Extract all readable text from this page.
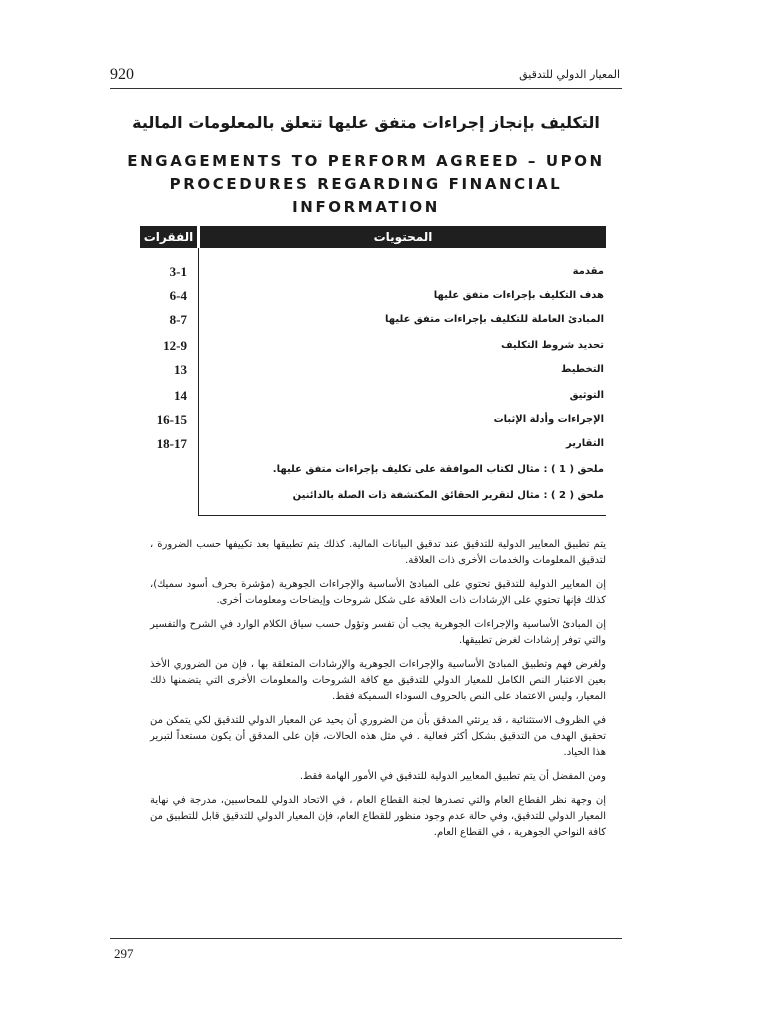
920	المعيار الدولي للتدقيق
التكليف بإنجاز إجراءات متفق عليها تتعلق بالمعلومات المالية
ENGAGEMENTS TO PERFORM AGREED – UPON
PROCEDURES REGARDING FINANCIAL INFORMATION
المحتويات
الفقرات
مقدمة
3-1
هدف التكليف بإجراءات متفق عليها
6-4
المبادئ العاملة للتكليف بإجراءات متفق عليها
8-7
تحديد شروط التكليف
12-9
التخطيط
13
التوثيق
14
الإجراءات وأدلة الإثبات
16-15
التقارير
18-17
ملحق ( 1 ) : مثال لكتاب الموافقة على تكليف بإجراءات متفق عليها.
ملحق ( 2 ) : مثال لتقرير الحقائق المكتشفة ذات الصلة بالدائنين

يتم تطبيق المعايير الدولية للتدقيق عند تدقيق البيانات المالية. كذلك يتم تطبيقها بعد تكييفها حسب الضرورة ، لتدقيق المعلومات والخدمات الأخرى ذات العلاقة.

إن المعايير الدولية للتدقيق تحتوي على المبادئ الأساسية والإجراءات الجوهرية (مؤشرة بحرف أسود سميك)، كذلك فإنها تحتوي على الإرشادات ذات العلاقة على شكل شروحات وإيضاحات ومعلومات أخرى.

إن المبادئ الأساسية والإجراءات الجوهرية يجب أن تفسر وتؤول حسب سياق الكلام الوارد في الشرح والتفسير والتي توفر إرشادات لغرض تطبيقها.

ولغرض فهم وتطبيق المبادئ الأساسية والإجراءات الجوهرية والإرشادات المتعلقة بها ، فإن من الضروري الأخذ بعين الاعتبار النص الكامل للمعيار الدولي للتدقيق مع كافة الشروحات والمعلومات الأخرى التي يتضمنها ذلك المعيار، وليس الاعتماد على النص بالحروف السوداء السميكة فقط.

في الظروف الاستثنائية ، قد يرتئي المدقق بأن من الضروري أن يحيد عن المعيار الدولي للتدقيق لكي يتمكن من تحقيق الهدف من التدقيق بشكل أكثر فعالية . في مثل هذه الحالات، فإن على المدقق أن يكون مستعداً لتبرير هذا الحياد.

ومن المفضل أن يتم تطبيق المعايير الدولية للتدقيق في الأمور الهامة فقط.

إن وجهة نظر القطاع العام والتي تصدرها لجنة القطاع العام ، في الاتحاد الدولي للمحاسبين، مدرجة في نهاية المعيار الدولي للتدقيق، وفي حالة عدم وجود منظور للقطاع العام، فإن المعيار الدولي للتدقيق قابل للتطبيق من كافة النواحي الجوهرية ، في القطاع العام.

297
